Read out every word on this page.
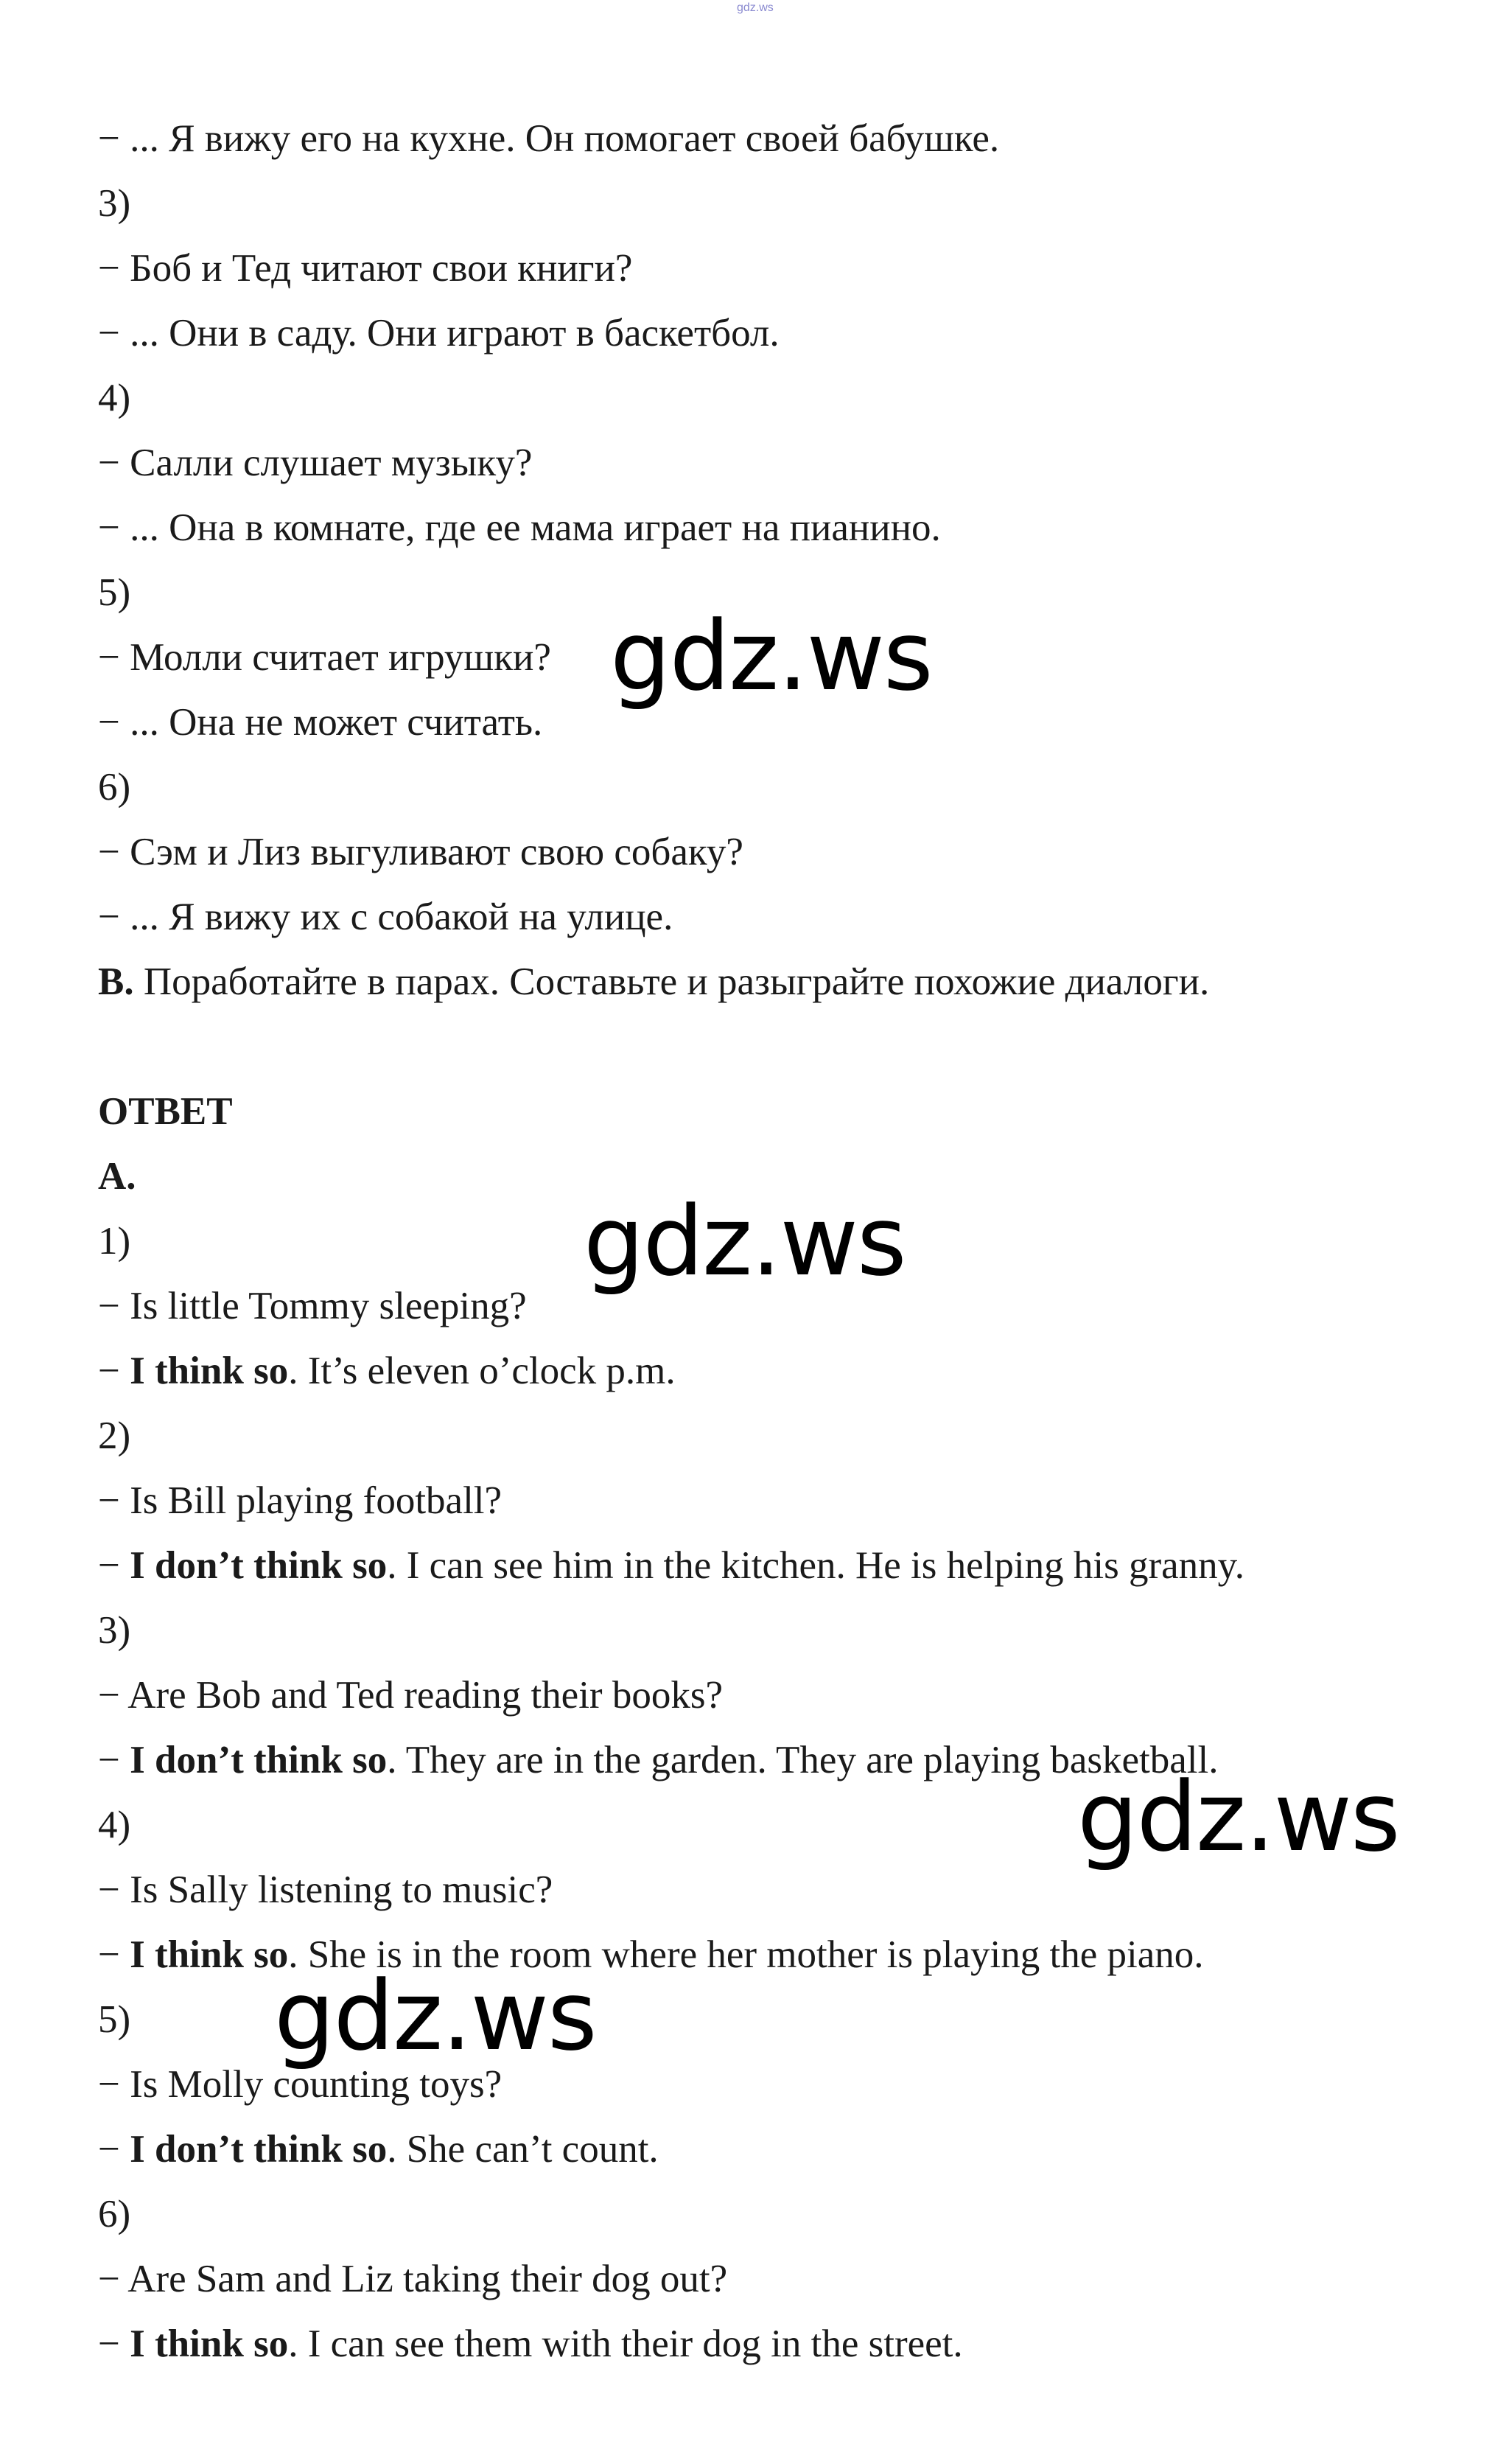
gdz.ws
− ... Я вижу его на кухне. Он помогает своей бабушке.
3)
− Боб и Тед читают свои книги?
− ... Они в саду. Они играют в баскетбол.
4)
− Салли слушает музыку?
− ... Она в комнате, где ее мама играет на пианино.
5)
− Молли считает игрушки?
− ... Она не может считать.
6)
− Сэм и Лиз выгуливают свою собаку?
− ... Я вижу их с собакой на улице.
B. Поработайте в парах. Составьте и разыграйте похожие диалоги.
ОТВЕТ
A.
1)
− Is little Tommy sleeping?
− I think so. It’s eleven o’clock p.m.
2)
− Is Bill playing football?
− I don’t think so. I can see him in the kitchen. He is helping his granny.
3)
− Are Bob and Ted reading their books?
− I don’t think so. They are in the garden. They are playing basketball.
4)
− Is Sally listening to music?
− I think so. She is in the room where her mother is playing the piano.
5)
− Is Molly counting toys?
− I don’t think so. She can’t count.
6)
− Are Sam and Liz taking their dog out?
− I think so. I can see them with their dog in the street.
gdz.ws
gdz.ws
gdz.ws
gdz.ws
